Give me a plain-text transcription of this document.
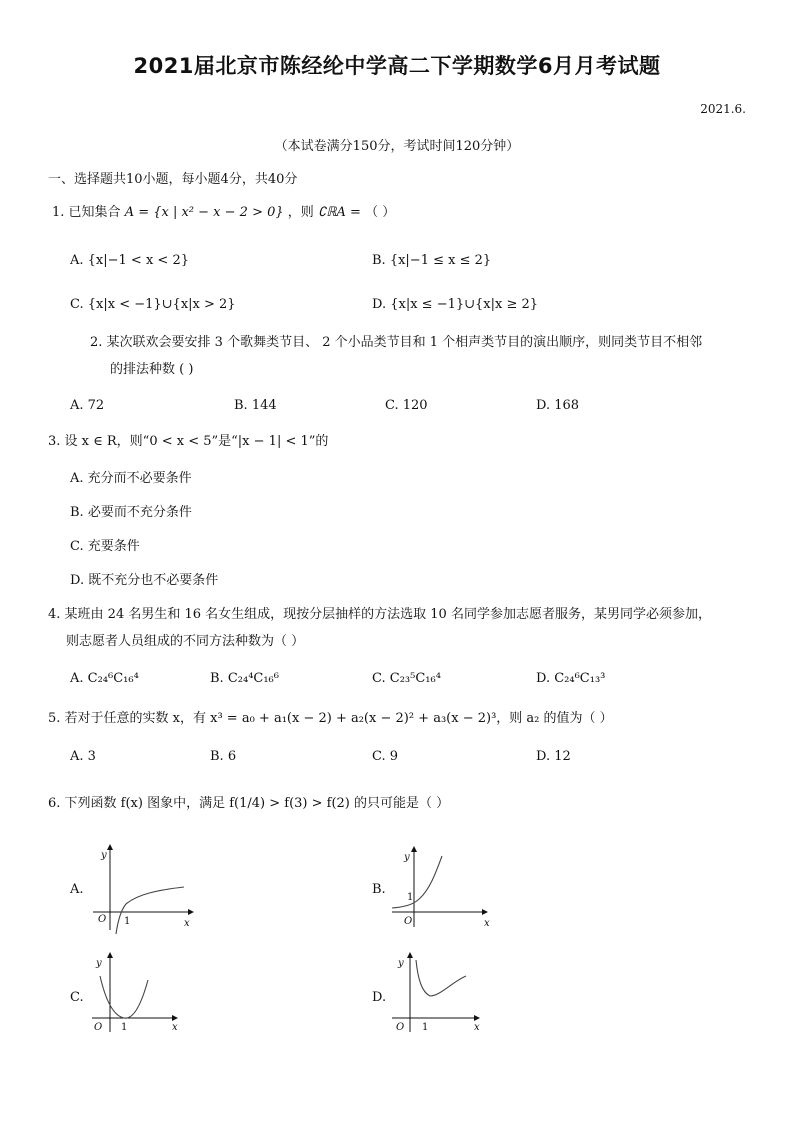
2021届北京市陈经纶中学高二下学期数学6月月考试题
2021.6.
（本试卷满分150分，考试时间120分钟）
一、选择题共10小题，每小题4分，共40分
1. 已知集合 A = {x | x² − x − 2 > 0} ，则 ∁ℝA = （ ）
A. {x|−1 < x < 2}	B. {x|−1 ≤ x ≤ 2}
C. {x|x < −1}∪{x|x > 2}	D. {x|x ≤ −1}∪{x|x ≥ 2}
2. 某次联欢会要安排 3 个歌舞类节目、 2 个小品类节目和 1 个相声类节目的演出顺序，则同类节目不相邻
的排法种数 ( )
A. 72	B. 144	C. 120	D. 168
3. 设 x ∈ R，则“0 < x < 5”是“|x − 1| < 1”的
A. 充分而不必要条件
B. 必要而不充分条件
C. 充要条件
D. 既不充分也不必要条件
4. 某班由 24 名男生和 16 名女生组成，现按分层抽样的方法选取 10 名同学参加志愿者服务，某男同学必须参加，
则志愿者人员组成的不同方法种数为（ ）
A. C₂₄⁶C₁₆⁴	B. C₂₄⁴C₁₆⁶	C. C₂₃⁵C₁₆⁴	D. C₂₄⁶C₁₃³
5. 若对于任意的实数 x，有 x³ = a₀ + a₁(x − 2) + a₂(x − 2)² + a₃(x − 2)³，则 a₂ 的值为（ ）
A. 3	B. 6	C. 9	D. 12
6. 下列函数 f(x) 图象中，满足 f(1/4) > f(3) > f(2) 的只可能是（ ）
A.
y
x
O 1
B.
y
x
O
1
C.
y
x
O 1
D.
y
x
O 1
